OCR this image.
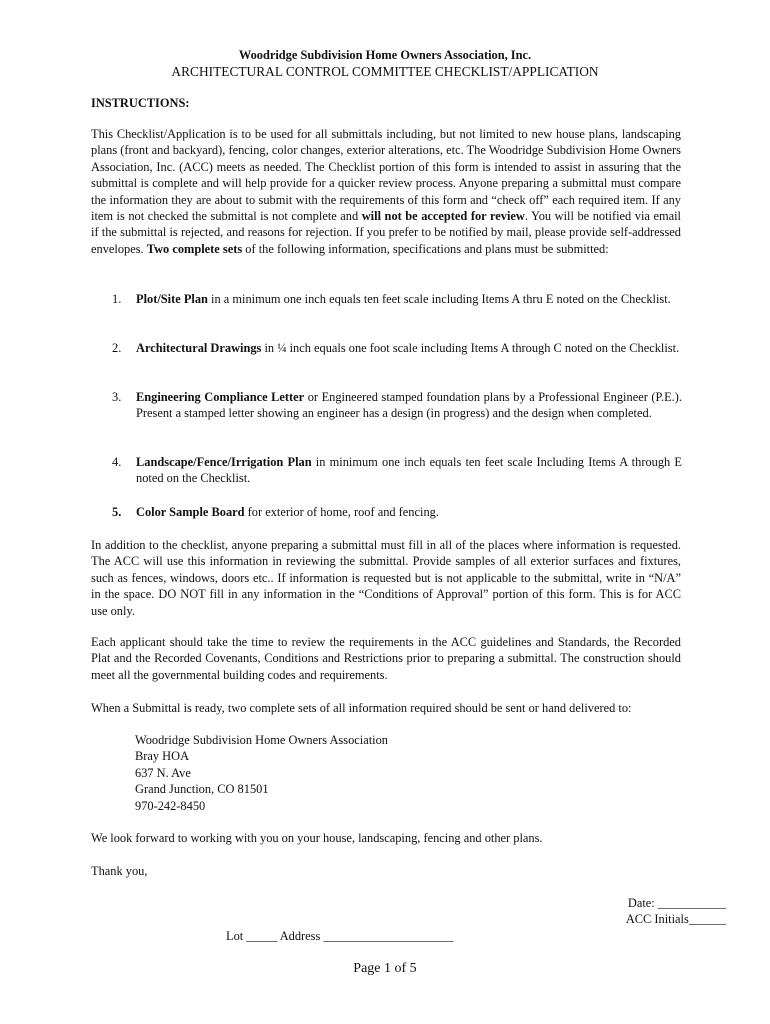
Woodridge Subdivision Home Owners Association, Inc.
ARCHITECTURAL CONTROL COMMITTEE CHECKLIST/APPLICATION
INSTRUCTIONS:
This Checklist/Application is to be used for all submittals including, but not limited to new house plans, landscaping plans (front and backyard), fencing, color changes, exterior alterations, etc. The Woodridge Subdivision Home Owners Association, Inc. (ACC) meets as needed. The Checklist portion of this form is intended to assist in assuring that the submittal is complete and will help provide for a quicker review process. Anyone preparing a submittal must compare the information they are about to submit with the requirements of this form and “check off” each required item. If any item is not checked the submittal is not complete and will not be accepted for review. You will be notified via email if the submittal is rejected, and reasons for rejection. If you prefer to be notified by mail, please provide self-addressed envelopes. Two complete sets of the following information, specifications and plans must be submitted:
1.	Plot/Site Plan in a minimum one inch equals ten feet scale including Items A thru E noted on the Checklist.
2.	Architectural Drawings in ¼ inch equals one foot scale including Items A through C noted on the Checklist.
3.	Engineering Compliance Letter or Engineered stamped foundation plans by a Professional Engineer (P.E.). Present a stamped letter showing an engineer has a design (in progress) and the design when completed.
4.	Landscape/Fence/Irrigation Plan in minimum one inch equals ten feet scale Including Items A through E noted on the Checklist.
5.	Color Sample Board for exterior of home, roof and fencing.
In addition to the checklist, anyone preparing a submittal must fill in all of the places where information is requested. The ACC will use this information in reviewing the submittal. Provide samples of all exterior surfaces and fixtures, such as fences, windows, doors etc.. If information is requested but is not applicable to the submittal, write in “N/A” in the space. DO NOT fill in any information in the “Conditions of Approval” portion of this form. This is for ACC use only.
Each applicant should take the time to review the requirements in the ACC guidelines and Standards, the Recorded Plat and the Recorded Covenants, Conditions and Restrictions prior to preparing a submittal. The construction should meet all the governmental building codes and requirements.
When a Submittal is ready, two complete sets of all information required should be sent or hand delivered to:
Woodridge Subdivision Home Owners Association
Bray HOA
637 N. Ave
Grand Junction, CO 81501
970-242-8450
We look forward to working with you on your house, landscaping, fencing and other plans.
Thank you,
Date: ___________
ACC Initials______
Lot _____ Address _____________________
Page 1 of 5
